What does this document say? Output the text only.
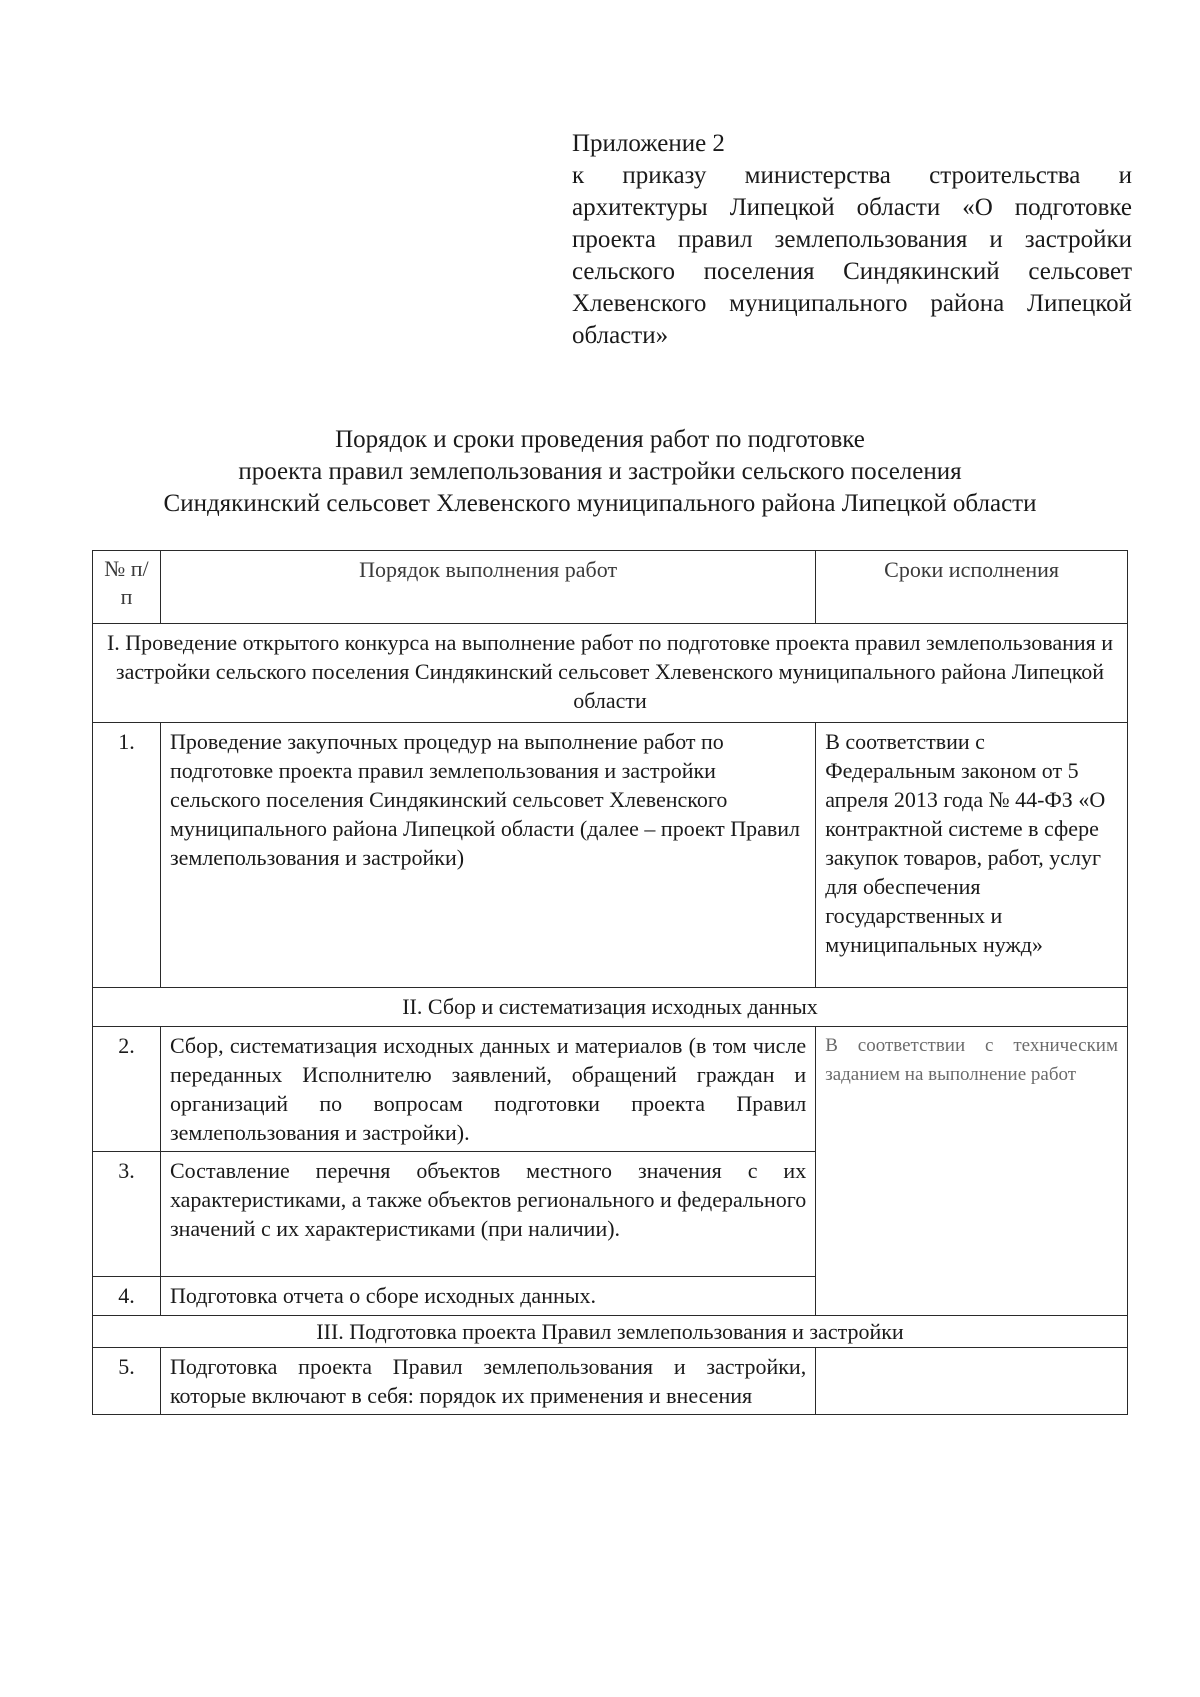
Приложение 2
к приказу министерства строительства и архитектуры Липецкой области «О подготовке проекта правил землепользования и застройки сельского поселения Синдякинский сельсовет Хлевенского муниципального района Липецкой области»
Порядок и сроки проведения работ по подготовке
проекта правил землепользования и застройки сельского поселения
Синдякинский сельсовет Хлевенского муниципального района Липецкой области
№ п/п	Порядок выполнения работ	Сроки исполнения
I. Проведение открытого конкурса на выполнение работ по подготовке проекта правил землепользования и застройки сельского поселения Синдякинский сельсовет Хлевенского муниципального района Липецкой области		
1.	Проведение закупочных процедур на выполнение работ по подготовке проекта правил землепользования и застройки сельского поселения Синдякинский сельсовет Хлевенского муниципального района Липецкой области (далее – проект Правил землепользования и застройки)	В соответствии с Федеральным законом от 5 апреля 2013 года № 44-ФЗ «О контрактной системе в сфере закупок товаров, работ, услуг для обеспечения государственных и муниципальных нужд»
II. Сбор и систематизация исходных данных		
2.	Сбор, систематизация исходных данных и материалов (в том числе переданных Исполнителю заявлений, обращений граждан и организаций по вопросам подготовки проекта Правил землепользования и застройки).	В соответствии с техническим заданием на выполнение работ
3.	Составление перечня объектов местного значения с их характеристиками, а также объектов регионального и федерального значений с их характеристиками (при наличии).	
4.	Подготовка отчета о сборе исходных данных.	
III. Подготовка проекта Правил землепользования и застройки		
5.	Подготовка проекта Правил землепользования и застройки, которые включают в себя: порядок их применения и внесения	
